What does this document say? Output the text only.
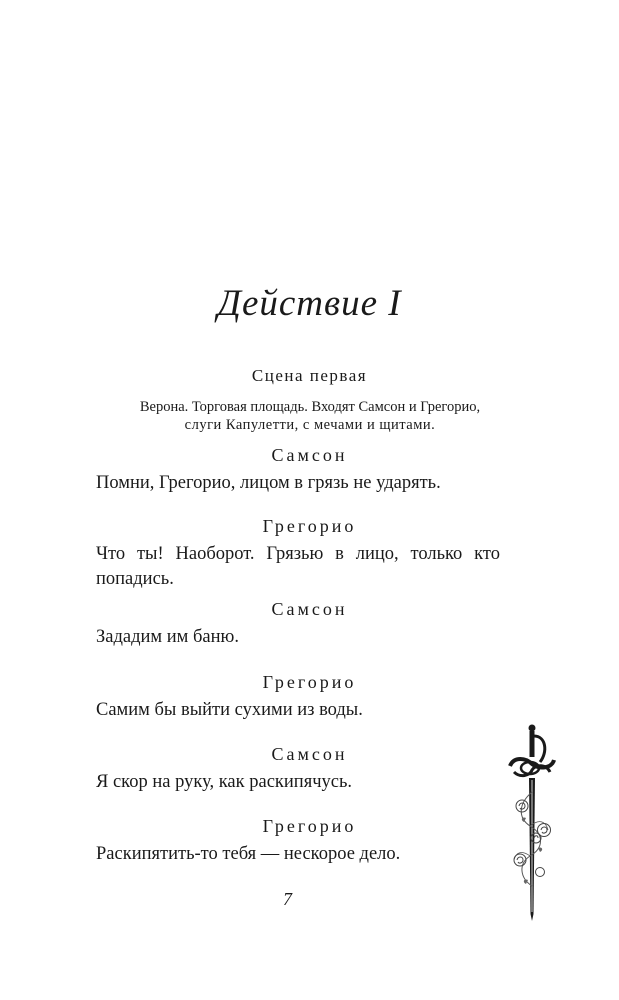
Действие I
Сцена первая
Верона. Торговая площадь. Входят Самсон и Грегорио,
слуги Капулетти, с мечами и щитами.
Самсон
Помни, Грегорио, лицом в грязь не ударять.
Грегорио
Что ты! Наоборот. Грязью в лицо, только кто
попадись.
Самсон
Зададим им баню.
Грегорио
Самим бы выйти сухими из воды.
Самсон
Я скор на руку, как раскипячусь.
Грегорио
Раскипятить-то тебя — нескорое дело.
7
